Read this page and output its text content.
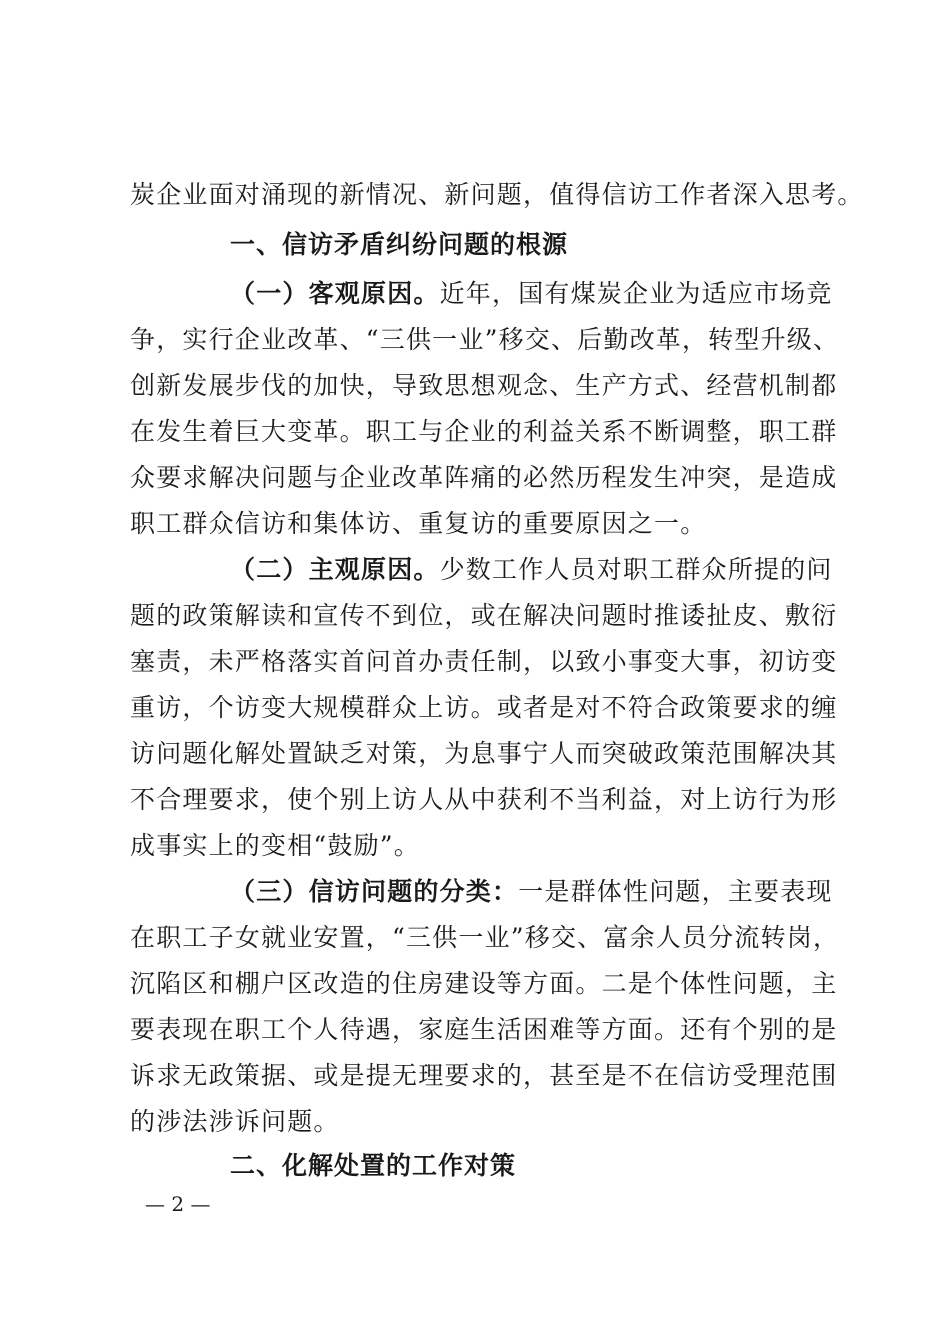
炭企业面对涌现的新情况、新问题，值得信访工作者深入思考。
一、信访矛盾纠纷问题的根源
（一）客观原因。近年，国有煤炭企业为适应市场竞
争，实行企业改革、“三供一业”移交、后勤改革，转型升级、
创新发展步伐的加快，导致思想观念、生产方式、经营机制都
在发生着巨大变革。职工与企业的利益关系不断调整，职工群
众要求解决问题与企业改革阵痛的必然历程发生冲突，是造成
职工群众信访和集体访、重复访的重要原因之一。
（二）主观原因。少数工作人员对职工群众所提的问
题的政策解读和宣传不到位，或在解决问题时推诿扯皮、敷衍
塞责，未严格落实首问首办责任制，以致小事变大事，初访变
重访，个访变大规模群众上访。或者是对不符合政策要求的缠
访问题化解处置缺乏对策，为息事宁人而突破政策范围解决其
不合理要求，使个别上访人从中获利不当利益，对上访行为形
成事实上的变相“鼓励”。
（三）信访问题的分类：一是群体性问题，主要表现
在职工子女就业安置，“三供一业”移交、富余人员分流转岗，
沉陷区和棚户区改造的住房建设等方面。二是个体性问题，主
要表现在职工个人待遇，家庭生活困难等方面。还有个别的是
诉求无政策据、或是提无理要求的，甚至是不在信访受理范围
的涉法涉诉问题。
二、化解处置的工作对策
— 2 —
